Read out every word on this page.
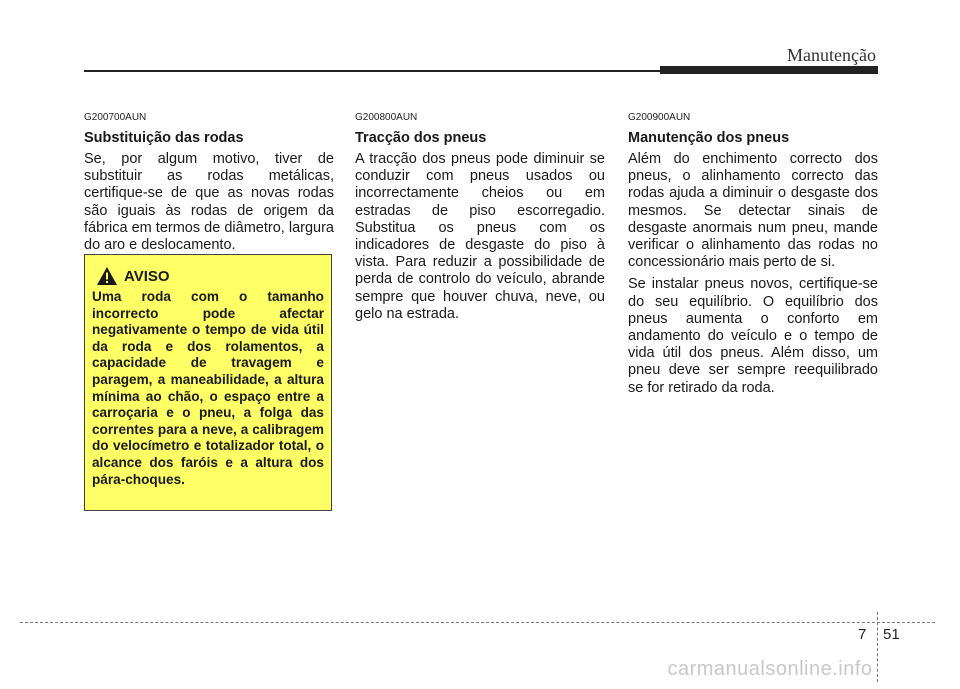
Manutenção
G200700AUN
Substituição das rodas

Se, por algum motivo, tiver de substituir as rodas metálicas, certifique-se de que as novas rodas são iguais às rodas de origem da fábrica em termos de diâmetro, largura do aro e deslocamento.

AVISO

Uma roda com o tamanho incorrecto pode afectar negativamente o tempo de vida útil da roda e dos rolamentos, a capacidade de travagem e paragem, a maneabilidade, a altura mínima ao chão, o espaço entre a carroçaria e o pneu, a folga das correntes para a neve, a calibragem do velocímetro e totalizador total, o alcance dos faróis e a altura dos pára-choques.

G200800AUN
Tracção dos pneus

A tracção dos pneus pode diminuir se conduzir com pneus usados ou incorrectamente cheios ou em estradas de piso escorregadio. Substitua os pneus com os indicadores de desgaste do piso à vista. Para reduzir a possibilidade de perda de controlo do veículo, abrande sempre que houver chuva, neve, ou gelo na estrada.

G200900AUN
Manutenção dos pneus

Além do enchimento correcto dos pneus, o alinhamento correcto das rodas ajuda a diminuir o desgaste dos mesmos. Se detectar sinais de desgaste anormais num pneu, mande verificar o alinhamento das rodas no concessionário mais perto de si.

Se instalar pneus novos, certifique-se do seu equilíbrio. O equilíbrio dos pneus aumenta o conforto em andamento do veículo e o tempo de vida útil dos pneus. Além disso, um pneu deve ser sempre reequilibrado se for retirado da roda.

7 51
carmanualsonline.info
